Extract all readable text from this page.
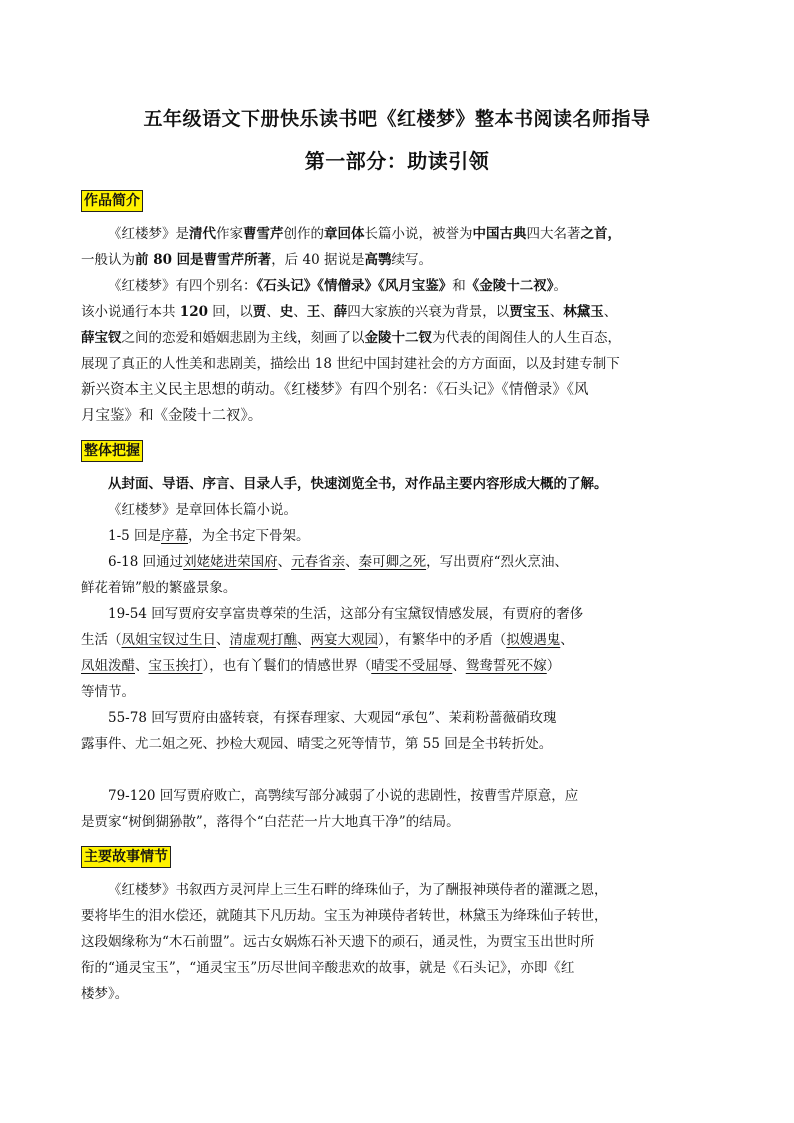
五年级语文下册快乐读书吧《红楼梦》整本书阅读名师指导
第一部分：助读引领
作品简介
《红楼梦》是清代作家曹雪芹创作的章回体长篇小说，被誉为中国古典四大名著之首，
一般认为前 80 回是曹雪芹所著，后 40 据说是高鹗续写。
《红楼梦》有四个别名：《石头记》《情僧录》《风月宝鉴》和《金陵十二衩》。
该小说通行本共 120 回，以贾、史、王、薛四大家族的兴衰为背景，以贾宝玉、林黛玉、
薛宝钗之间的恋爱和婚姻悲剧为主线，刻画了以金陵十二钗为代表的闺阁佳人的人生百态，
展现了真正的人性美和悲剧美，描绘出 18 世纪中国封建社会的方方面面，以及封建专制下
新兴资本主义民主思想的萌动。《红楼梦》有四个别名：《石头记》《情僧录》《风
月宝鉴》和《金陵十二衩》。
整体把握
从封面、导语、序言、目录人手，快速浏览全书，对作品主要内容形成大概的了解。
《红楼梦》是章回体长篇小说。
1-5 回是序幕，为全书定下骨架。
6-18 回通过刘姥姥进荣国府、元春省亲、秦可卿之死，写出贾府“烈火烹油、
鲜花着锦”般的繁盛景象。
19-54 回写贾府安享富贵尊荣的生活，这部分有宝黛钗情感发展，有贾府的奢侈
生活（凤姐宝钗过生日、清虚观打醮、两宴大观园），有繁华中的矛盾（拟嫂遇鬼、
凤姐泼醋、宝玉挨打），也有丫鬟们的情感世界（晴雯不受屈辱、鸳鸯誓死不嫁）
等情节。
55-78 回写贾府由盛转衰，有探春理家、大观园“承包”、茉莉粉蔷薇硝玫瑰
露事件、尤二姐之死、抄检大观园、晴雯之死等情节，第 55 回是全书转折处。
79-120 回写贾府败亡，高鹗续写部分减弱了小说的悲剧性，按曹雪芹原意，应
是贾家“树倒猢狲散”，落得个“白茫茫一片大地真干净”的结局。
主要故事情节
《红楼梦》书叙西方灵河岸上三生石畔的绛珠仙子，为了酬报神瑛侍者的灌溉之恩，
要将毕生的泪水偿还，就随其下凡历劫。宝玉为神瑛侍者转世，林黛玉为绛珠仙子转世，
这段姻缘称为“木石前盟”。远古女娲炼石补天遗下的顽石，通灵性，为贾宝玉出世时所
衔的“通灵宝玉”，“通灵宝玉”历尽世间辛酸悲欢的故事，就是《石头记》，亦即《红
楼梦》。
